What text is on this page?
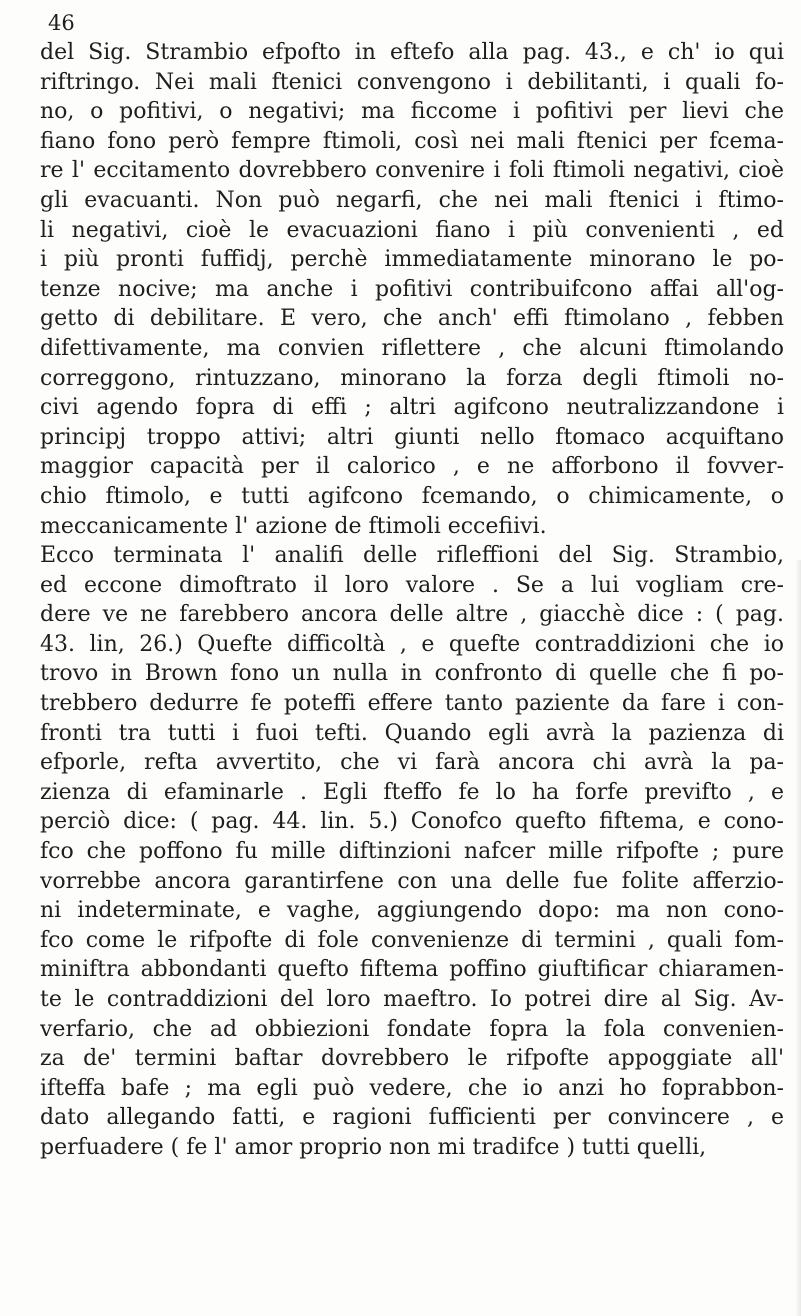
46
del Sig. Strambio efpofto in eftefo alla pag. 43., e ch' io qui
riftringo. Nei mali ftenici convengono i debilitanti, i quali fo-
no, o pofitivi, o negativi; ma ficcome i pofitivi per lievi che
fiano fono però fempre ftimoli, così nei mali ftenici per fcema-
re l' eccitamento dovrebbero convenire i foli ftimoli negativi, cioè
gli evacuanti. Non può negarfi, che nei mali ftenici i ftimo-
li negativi, cioè le evacuazioni fiano i più convenienti , ed
i più pronti fuffidj, perchè immediatamente minorano le po-
tenze nocive; ma anche i pofitivi contribuifcono affai all'og-
getto di debilitare. E vero, che anch' effi ftimolano , febben
difettivamente, ma convien riflettere , che alcuni ftimolando
correggono, rintuzzano, minorano la forza degli ftimoli no-
civi agendo fopra di effi ; altri agifcono neutralizzandone i
principj troppo attivi; altri giunti nello ftomaco acquiftano
maggior capacità per il calorico , e ne afforbono il fovver-
chio ftimolo, e tutti agifcono fcemando, o chimicamente, o
meccanicamente l' azione de ftimoli eccefiivi.
Ecco terminata l' analifi delle rifleffioni del Sig. Strambio,
ed eccone dimoftrato il loro valore . Se a lui vogliam cre-
dere ve ne farebbero ancora delle altre , giacchè dice : ( pag.
43. lin, 26.) Quefte difficoltà , e quefte contraddizioni che io
trovo in Brown fono un nulla in confronto di quelle che fi po-
trebbero dedurre fe poteffi effere tanto paziente da fare i con-
fronti tra tutti i fuoi tefti. Quando egli avrà la pazienza di
efporle, refta avvertito, che vi farà ancora chi avrà la pa-
zienza di efaminarle . Egli fteffo fe lo ha forfe previfto , e
perciò dice: ( pag. 44. lin. 5.) Conofco quefto fiftema, e cono-
fco che poffono fu mille diftinzioni nafcer mille rifpofte ; pure
vorrebbe ancora garantirfene con una delle fue folite afferzio-
ni indeterminate, e vaghe, aggiungendo dopo: ma non cono-
fco come le rifpofte di fole convenienze di termini , quali fom-
miniftra abbondanti quefto fiftema poffino giuftificar chiaramen-
te le contraddizioni del loro maeftro. Io potrei dire al Sig. Av-
verfario, che ad obbiezioni fondate fopra la fola convenien-
za de' termini baftar dovrebbero le rifpofte appoggiate all'
ifteffa bafe ; ma egli può vedere, che io anzi ho foprabbon-
dato allegando fatti, e ragioni fufficienti per convincere , e
perfuadere ( fe l' amor proprio non mi tradifce ) tutti quelli,
